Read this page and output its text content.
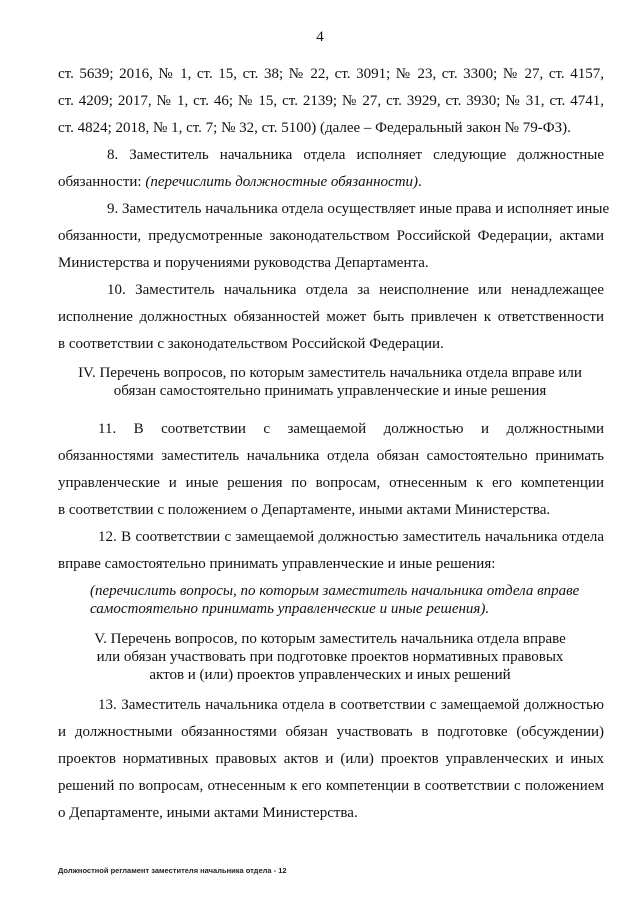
4
ст. 5639; 2016, № 1, ст. 15, ст. 38; № 22, ст. 3091; № 23, ст. 3300; № 27, ст. 4157,
ст. 4209; 2017, № 1, ст. 46; № 15, ст. 2139; № 27, ст. 3929, ст. 3930; № 31, ст. 4741,
ст. 4824; 2018, № 1, ст. 7; № 32, ст. 5100) (далее – Федеральный закон № 79-ФЗ).
8. Заместитель начальника отдела исполняет следующие должностные
обязанности: (перечислить должностные обязанности).
9. Заместитель начальника отдела осуществляет иные права и исполняет иные
обязанности, предусмотренные законодательством Российской Федерации, актами
Министерства и поручениями руководства Департамента.
10. Заместитель начальника отдела за неисполнение или ненадлежащее
исполнение должностных обязанностей может быть привлечен к ответственности
в соответствии с законодательством Российской Федерации.
IV. Перечень вопросов, по которым заместитель начальника отдела вправе или
обязан самостоятельно принимать управленческие и иные решения
11. В соответствии с замещаемой должностью и должностными
обязанностями заместитель начальника отдела обязан самостоятельно принимать
управленческие и иные решения по вопросам, отнесенным к его компетенции
в соответствии с положением о Департаменте, иными актами Министерства.
12. В соответствии с замещаемой должностью заместитель начальника отдела
вправе самостоятельно принимать управленческие и иные решения:
(перечислить вопросы, по которым заместитель начальника отдела вправе
самостоятельно принимать управленческие и иные решения).
V. Перечень вопросов, по которым заместитель начальника отдела вправе
или обязан участвовать при подготовке проектов нормативных правовых
актов и (или) проектов управленческих и иных решений
13. Заместитель начальника отдела в соответствии с замещаемой должностью
и должностными обязанностями обязан участвовать в подготовке (обсуждении)
проектов нормативных правовых актов и (или) проектов управленческих и иных
решений по вопросам, отнесенным к его компетенции в соответствии с положением
о Департаменте, иными актами Министерства.
Должностной регламент заместителя начальника отдела - 12
